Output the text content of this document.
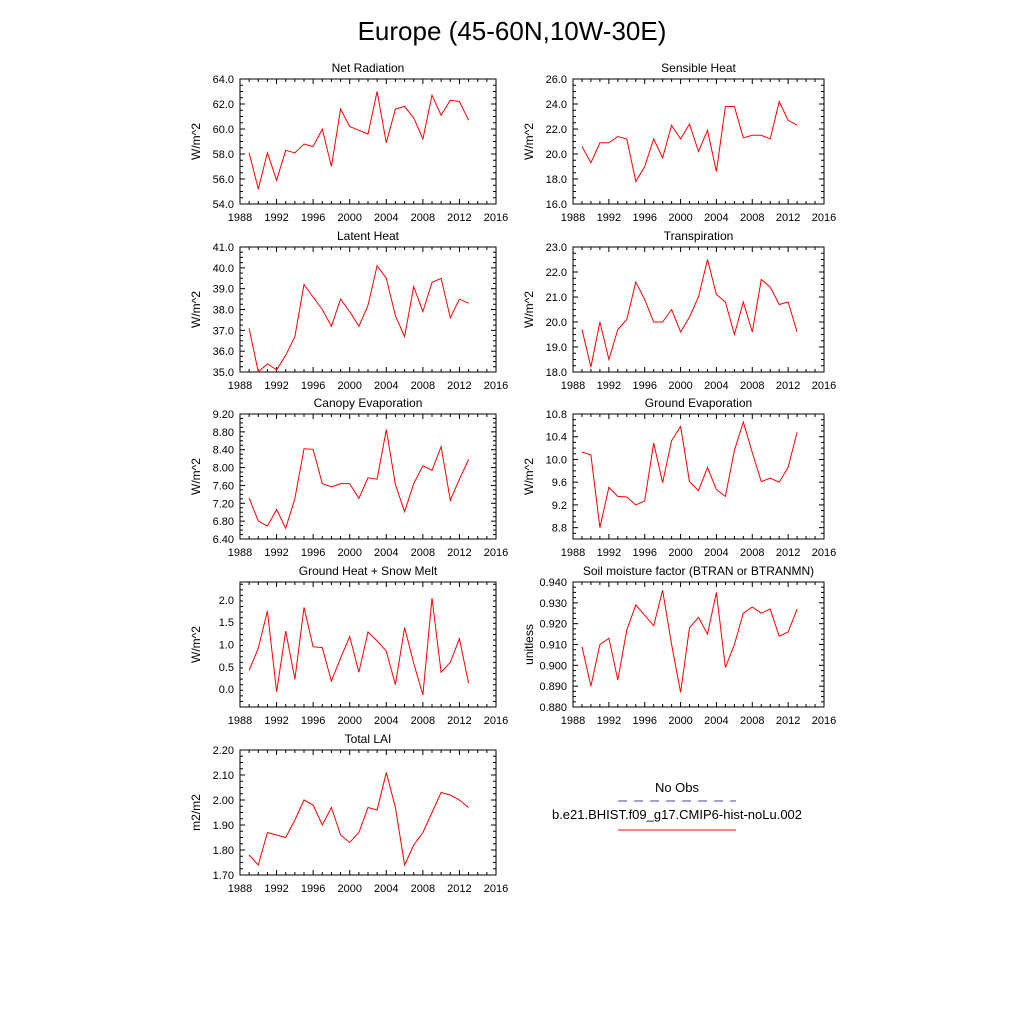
Europe (45-60N,10W-30E)
1988 1992 1996 2000 2004 2008 2012 2016
54.0
56.0
58.0
60.0
62.0
64.0
W/m^2
Net Radiation
1988 1992 1996 2000 2004 2008 2012 2016
16.0
18.0
20.0
22.0
24.0
26.0
W/m^2
Sensible Heat
1988 1992 1996 2000 2004 2008 2012 2016
35.0
36.0
37.0
38.0
39.0
40.0
41.0
W/m^2
Latent Heat
1988 1992 1996 2000 2004 2008 2012 2016
18.0
19.0
20.0
21.0
22.0
23.0
W/m^2
Transpiration
1988 1992 1996 2000 2004 2008 2012 2016
6.40
6.80
7.20
7.60
8.00
8.40
8.80
9.20
W/m^2
Canopy Evaporation
1988 1992 1996 2000 2004 2008 2012 2016
8.8
9.2
9.6
10.0
10.4
10.8
W/m^2
Ground Evaporation
1988 1992 1996 2000 2004 2008 2012 2016
0.0
0.5
1.0
1.5
2.0
W/m^2
Ground Heat + Snow Melt
1988 1992 1996 2000 2004 2008 2012 2016
0.880
0.890
0.900
0.910
0.920
0.930
0.940
unitless
Soil moisture factor (BTRAN or BTRANMN)
1988 1992 1996 2000 2004 2008 2012 2016
1.70
1.80
1.90
2.00
2.10
2.20
m2/m2
Total LAI
No Obs
b.e21.BHIST.f09_g17.CMIP6-hist-noLu.002
